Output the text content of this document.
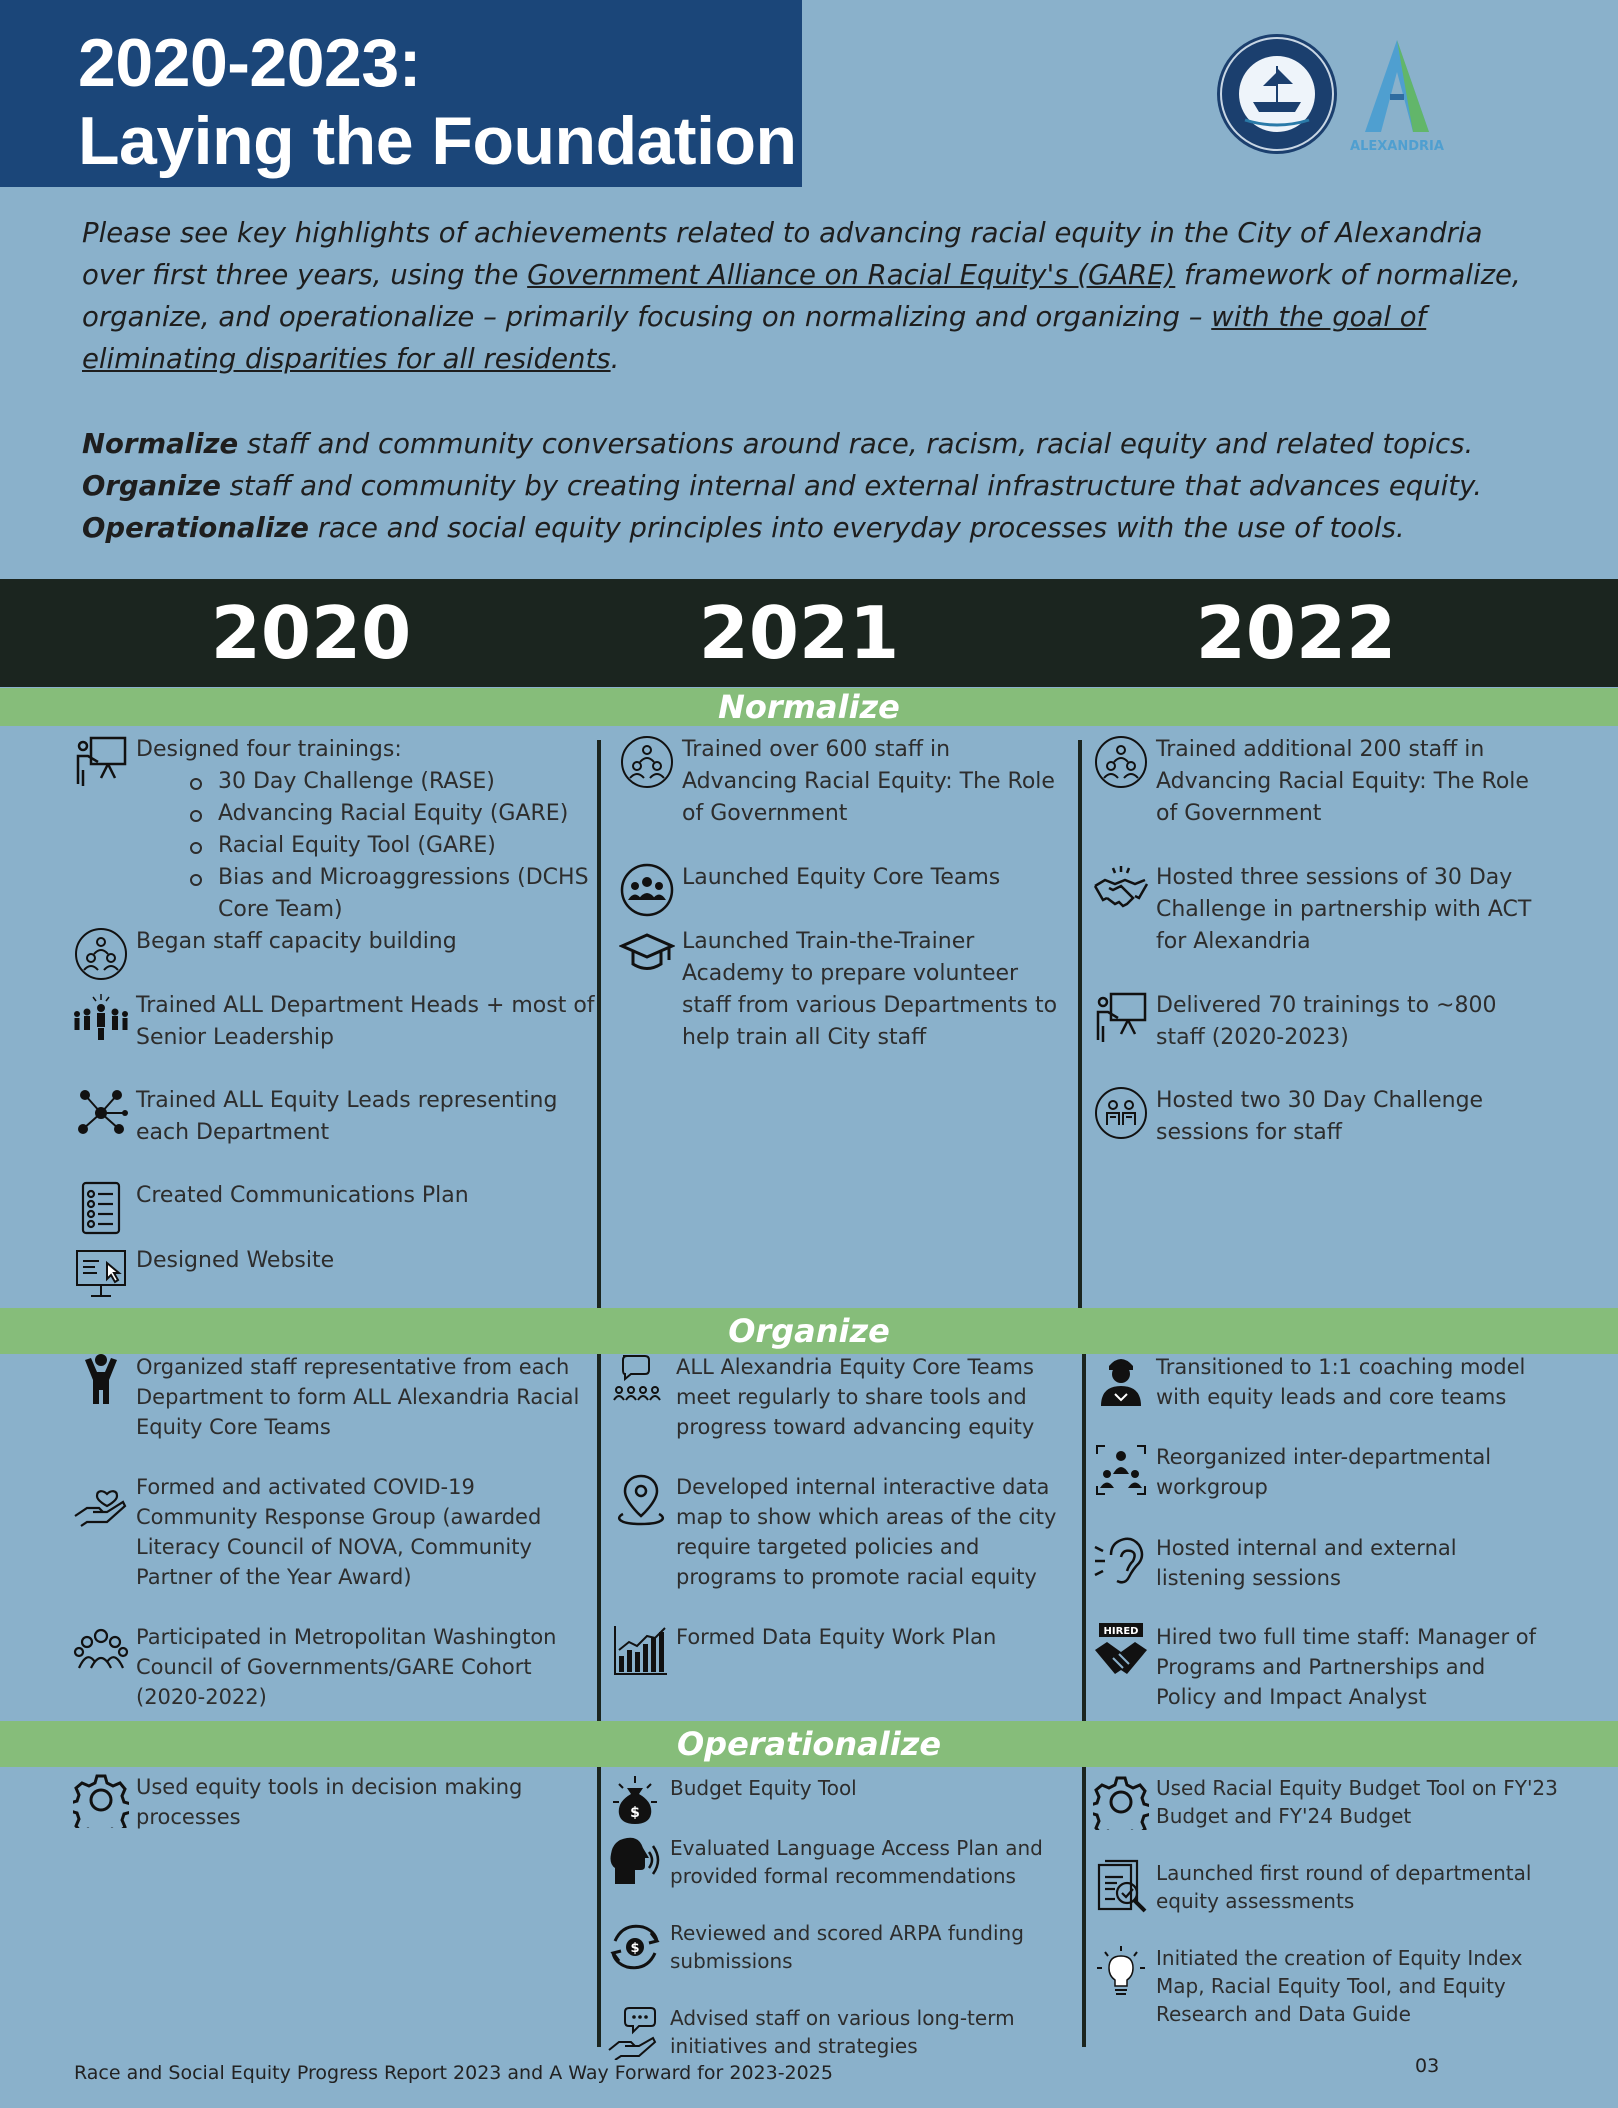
2020-2023:
Laying the Foundation	ALEXANDRIA

Please see key highlights of achievements related to advancing racial equity in the City of Alexandria over first three years, using the Government Alliance on Racial Equity's (GARE) framework of normalize, organize, and operationalize – primarily focusing on normalizing and organizing – with the goal of eliminating disparities for all residents.

Normalize staff and community conversations around race, racism, racial equity and related topics.
Organize staff and community by creating internal and external infrastructure that advances equity.
Operationalize race and social equity principles into everyday processes with the use of tools.
2020	2021	2022
Normalize
Organize
Operationalize
Designed four trainings:
30 Day Challenge (RASE)
Advancing Racial Equity (GARE)
Racial Equity Tool (GARE)
Bias and Microaggressions (DCHS Core Team)
Began staff capacity building
Trained ALL Department Heads + most of Senior Leadership
Trained ALL Equity Leads representing each Department
Created Communications Plan
Designed Website
Trained over 600 staff in Advancing Racial Equity: The Role of Government
Launched Equity Core Teams
Launched Train-the-Trainer Academy to prepare volunteer staff from various Departments to help train all City staff
Trained additional 200 staff in Advancing Racial Equity: The Role of Government
Hosted three sessions of 30 Day Challenge in partnership with ACT for Alexandria
Delivered 70 trainings to ~800 staff (2020-2023)
Hosted two 30 Day Challenge sessions for staff
Organized staff representative from each Department to form ALL Alexandria Racial Equity Core Teams
Formed and activated COVID-19 Community Response Group (awarded Literacy Council of NOVA, Community Partner of the Year Award)
Participated in Metropolitan Washington Council of Governments/GARE Cohort (2020-2022)
ALL Alexandria Equity Core Teams meet regularly to share tools and progress toward advancing equity
Developed internal interactive data map to show which areas of the city require targeted policies and programs to promote racial equity
Formed Data Equity Work Plan
Transitioned to 1:1 coaching model with equity leads and core teams
Reorganized inter-departmental workgroup
Hosted internal and external listening sessions
Hired two full time staff: Manager of Programs and Partnerships and Policy and Impact Analyst
Used equity tools in decision making processes
Budget Equity Tool
Evaluated Language Access Plan and provided formal recommendations
Reviewed and scored ARPA funding submissions
Advised staff on various long-term initiatives and strategies
Used Racial Equity Budget Tool on FY'23 Budget and FY'24 Budget
Launched first round of departmental equity assessments
Initiated the creation of Equity Index Map, Racial Equity Tool, and Equity Research and Data Guide
Race and Social Equity Progress Report 2023 and A Way Forward for 2023-2025	03
